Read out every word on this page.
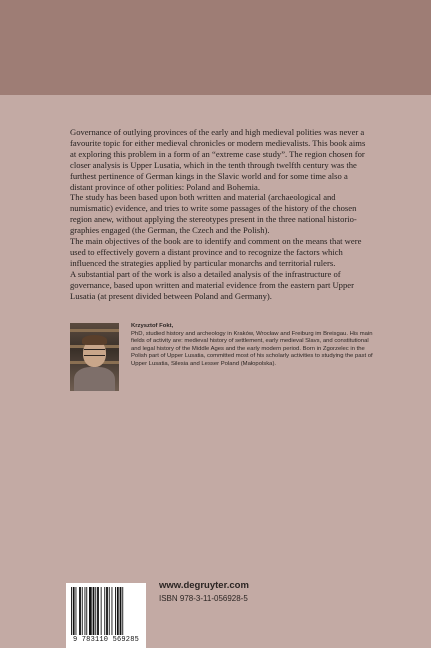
Governance of outlying provinces of the early and high medieval polities was never a favourite topic for either medieval chronicles or modern medievalists. This book aims at exploring this problem in a form of an “extreme case study”. The region chosen for closer analysis is Upper Lusatia, which in the tenth through twelfth century was the furthest pertinence of German kings in the Slavic world and for some time also a distant province of other polities: Poland and Bohemia.

The study has been based upon both written and material (archaeological and numismatic) evidence, and tries to write some passages of the history of the chosen region anew, without applying the stereotypes present in the three national historio-graphies engaged (the German, the Czech and the Polish).

The main objectives of the book are to identify and comment on the means that were used to effectively govern a distant province and to recognize the factors which influenced the strategies applied by particular monarchs and territorial rulers.

A substantial part of the work is also a detailed analysis of the infrastructure of governance, based upon written and material evidence from the eastern part Upper Lusatia (at present divided between Poland and Germany).

Krzysztof Fokt,

PhD, studied history and archeology in Kraków, Wrocław and Freiburg im Breisgau. His main fields of activity are: medieval history of settlement, early medieval Slavs, and constitutional and legal history of the Middle Ages and the early modern period. Born in Zgorzelec in the Polish part of Upper Lusatia, committed most of his scholarly activities to studying the past of Upper Lusatia, Silesia and Lesser Poland (Małopolska).

9 783110 569285
www.degruyter.com
ISBN 978-3-11-056928-5
